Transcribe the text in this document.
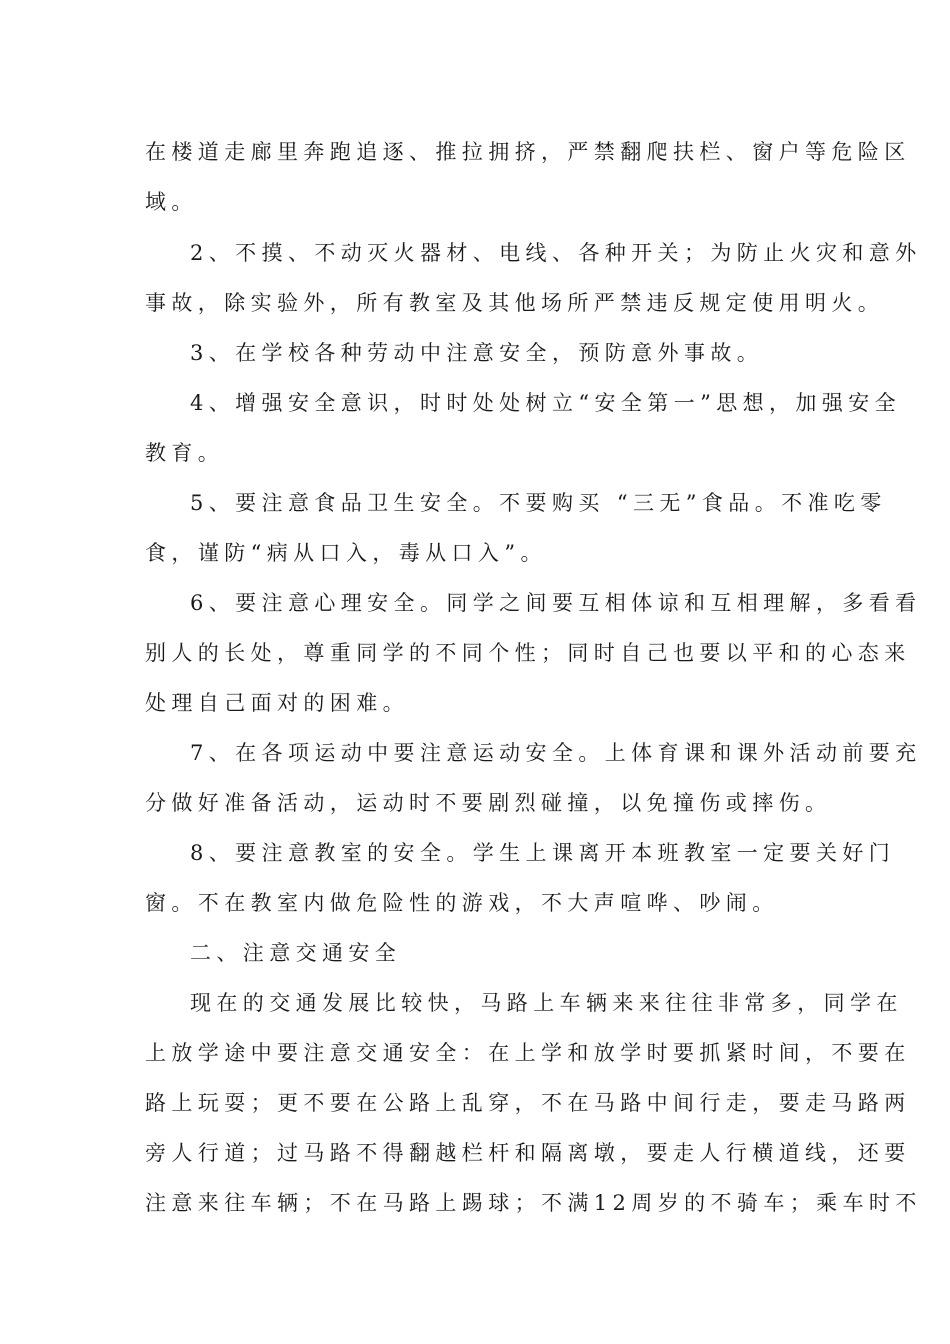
在楼道走廊里奔跑追逐、推拉拥挤，严禁翻爬扶栏、窗户等危险区
域。
2、不摸、不动灭火器材、电线、各种开关；为防止火灾和意外
事故，除实验外，所有教室及其他场所严禁违反规定使用明火。
3、在学校各种劳动中注意安全，预防意外事故。
4、增强安全意识，时时处处树立“安全第一”思想，加强安全
教育。
5、要注意食品卫生安全。不要购买 “三无”食品。不准吃零
食，谨防“病从口入，毒从口入”。
6、要注意心理安全。同学之间要互相体谅和互相理解，多看看
别人的长处，尊重同学的不同个性；同时自己也要以平和的心态来
处理自己面对的困难。
7、在各项运动中要注意运动安全。上体育课和课外活动前要充
分做好准备活动，运动时不要剧烈碰撞，以免撞伤或摔伤。
8、要注意教室的安全。学生上课离开本班教室一定要关好门
窗。不在教室内做危险性的游戏，不大声喧哗、吵闹。
二、注意交通安全
现在的交通发展比较快，马路上车辆来来往往非常多，同学在
上放学途中要注意交通安全：在上学和放学时要抓紧时间，不要在
路上玩耍；更不要在公路上乱穿，不在马路中间行走，要走马路两
旁人行道；过马路不得翻越栏杆和隔离墩，要走人行横道线，还要
注意来往车辆；不在马路上踢球；不满12周岁的不骑车；乘车时不
